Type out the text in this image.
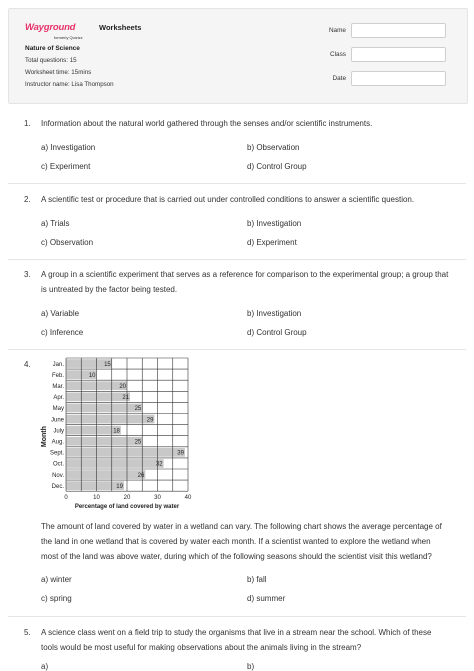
Wayground
formerly Quizizz
Worksheets
Nature of Science
Total questions: 15
Worksheet time: 15mins
Instructor name: Lisa Thompson
Name
Class
Date
1. Information about the natural world gathered through the senses and/or scientific instruments.
a) Investigation	b) Observation
c) Experiment	d) Control Group
2. A scientific test or procedure that is carried out under controlled conditions to answer a scientific question.
a) Trials	b) Investigation
c) Observation	d) Experiment
3. A group in a scientific experiment that serves as a reference for comparison to the experimental group; a group that is untreated by the factor being tested.
a) Variable	b) Investigation
c) Inference	d) Control Group
4.	Jan.
Feb.
Mar.
Apr.
May
June
July
Aug.
Sept.
Oct.
Nov.
Dec.
15
10
20
21
25
29
18
25
39
32
26
19
0	10	20	30	40
Percentage of land covered by water
Month
The amount of land covered by water in a wetland can vary. The following chart shows the average percentage of the land in one wetland that is covered by water each month. If a scientist wanted to explore the wetland when most of the land was above water, during which of the following seasons should the scientist visit this wetland?
a) winter	b) fall
c) spring	d) summer
5. A science class went on a field trip to study the organisms that live in a stream near the school. Which of these tools would be most useful for making observations about the animals living in the stream?
a)	b)
